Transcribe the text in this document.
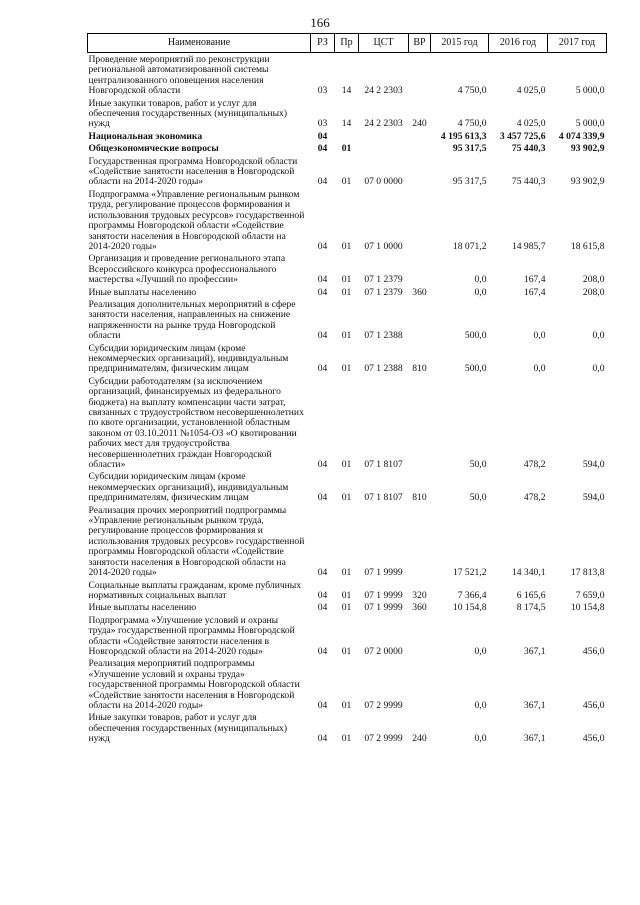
166
Наименование	РЗ	Пр	ЦСТ	ВР	2015 год	2016 год	2017 год
Проведение мероприятий по реконструкции региональной автоматизированной системы централизованного оповещения населения Новгородской области	03	14	24 2 2303		4 750,0	4 025,0	5 000,0
Иные закупки товаров, работ и услуг для обеспечения государственных (муниципальных) нужд	03	14	24 2 2303	240	4 750,0	4 025,0	5 000,0
Национальная экономика	04				4 195 613,3	3 457 725,6	4 074 339,9
Общеэкономические вопросы	04	01			95 317,5	75 440,3	93 902,9
Государственная программа Новгородской области «Содействие занятости населения в Новгородской области на 2014-2020 годы»	04	01	07 0 0000		95 317,5	75 440,3	93 902,9
Подпрограмма «Управление региональным рынком труда, регулирование процессов формирования и использования трудовых ресурсов» государственной программы Новгородской области «Содействие занятости населения в Новгородской области на 2014-2020 годы»	04	01	07 1 0000		18 071,2	14 985,7	18 615,8
Организация и проведение регионального этапа Всероссийского конкурса профессионального мастерства «Лучший по профессии»	04	01	07 1 2379		0,0	167,4	208,0
Иные выплаты населению	04	01	07 1 2379	360	0,0	167,4	208,0
Реализация дополнительных мероприятий в сфере занятости населения, направленных на снижение напряженности на рынке труда Новгородской области	04	01	07 1 2388		500,0	0,0	0,0
Субсидии юридическим лицам (кроме некоммерческих организаций), индивидуальным предпринимателям, физическим лицам	04	01	07 1 2388	810	500,0	0,0	0,0
Субсидии работодателям (за исключением организаций, финансируемых из федерального бюджета) на выплату компенсации части затрат, связанных с трудоустройством несовершеннолетних по квоте организации, установленной областным законом от 03.10.2011 №1054-ОЗ «О квотировании рабочих мест для трудоустройства несовершеннолетних граждан Новгородской области»	04	01	07 1 8107		50,0	478,2	594,0
Субсидии юридическим лицам (кроме некоммерческих организаций), индивидуальным предпринимателям, физическим лицам	04	01	07 1 8107	810	50,0	478,2	594,0
Реализация прочих мероприятий подпрограммы «Управление региональным рынком труда, регулирование процессов формирования и использования трудовых ресурсов» государственной программы Новгородской области «Содействие занятости населения в Новгородской области на 2014-2020 годы»	04	01	07 1 9999		17 521,2	14 340,1	17 813,8
Социальные выплаты гражданам, кроме публичных нормативных социальных выплат	04	01	07 1 9999	320	7 366,4	6 165,6	7 659,0
Иные выплаты населению	04	01	07 1 9999	360	10 154,8	8 174,5	10 154,8
Подпрограмма «Улучшение условий и охраны труда» государственной программы Новгородской области «Содействие занятости населения в Новгородской области на 2014-2020 годы»	04	01	07 2 0000		0,0	367,1	456,0
Реализация мероприятий подпрограммы «Улучшение условий и охраны труда» государственной программы Новгородской области «Содействие занятости населения в Новгородской области на 2014-2020 годы»	04	01	07 2 9999		0,0	367,1	456,0
Иные закупки товаров, работ и услуг для обеспечения государственных (муниципальных) нужд	04	01	07 2 9999	240	0,0	367,1	456,0
